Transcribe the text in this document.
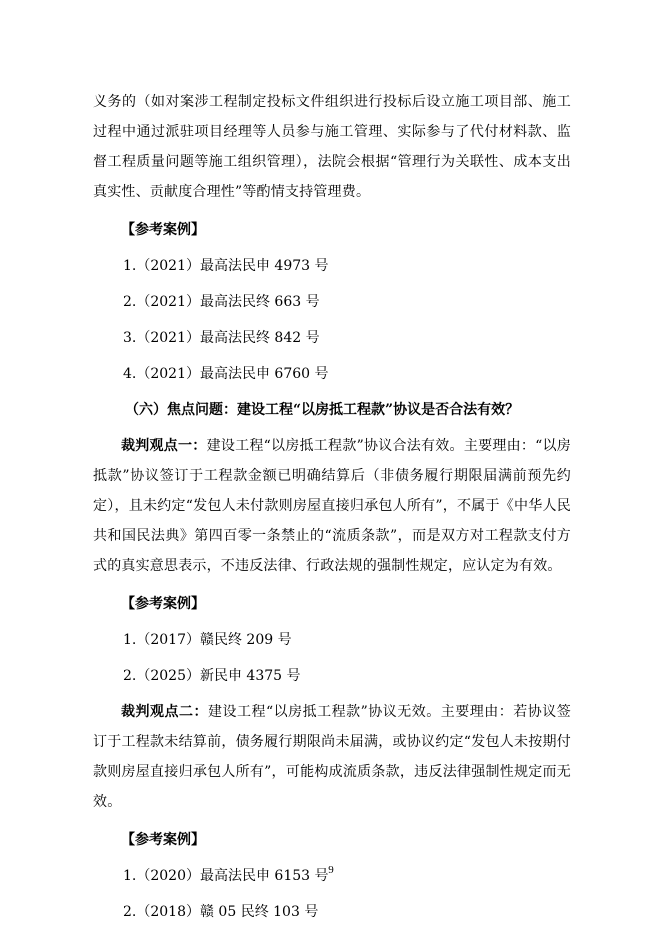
义务的（如对案涉工程制定投标文件组织进行投标后设立施工项目部、施工过程中通过派驻项目经理等人员参与施工管理、实际参与了代付材料款、监督工程质量问题等施工组织管理），法院会根据“管理行为关联性、成本支出真实性、贡献度合理性”等酌情支持管理费。

【参考案例】

1.（2021）最高法民申 4973 号

2.（2021）最高法民终 663 号

3.（2021）最高法民终 842 号

4.（2021）最高法民申 6760 号

（六）焦点问题：建设工程“以房抵工程款”协议是否合法有效？

裁判观点一：建设工程“以房抵工程款”协议合法有效。主要理由：“以房抵款”协议签订于工程款金额已明确结算后（非债务履行期限届满前预先约定），且未约定“发包人未付款则房屋直接归承包人所有”，不属于《中华人民共和国民法典》第四百零一条禁止的“流质条款”，而是双方对工程款支付方式的真实意思表示，不违反法律、行政法规的强制性规定，应认定为有效。

【参考案例】

1.（2017）赣民终 209 号

2.（2025）新民申 4375 号

裁判观点二：建设工程“以房抵工程款”协议无效。主要理由：若协议签订于工程款未结算前，债务履行期限尚未届满，或协议约定“发包人未按期付款则房屋直接归承包人所有”，可能构成流质条款，违反法律强制性规定而无效。

【参考案例】

1.（2020）最高法民申 6153 号

2.（2018）赣 05 民终 103 号

9
